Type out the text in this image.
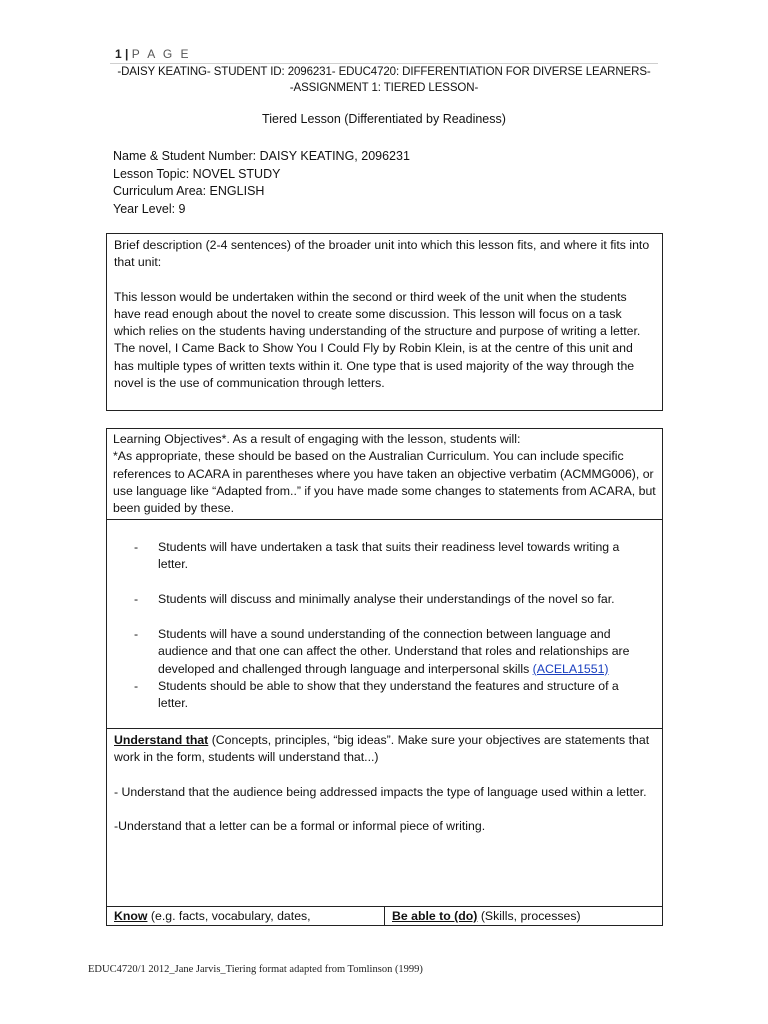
1 | P A G E
-DAISY KEATING- STUDENT ID: 2096231- EDUC4720: DIFFERENTIATION FOR DIVERSE LEARNERS-
-ASSIGNMENT 1: TIERED LESSON-
Tiered Lesson (Differentiated by Readiness)
Name & Student Number: DAISY KEATING, 2096231
Lesson Topic: NOVEL STUDY
Curriculum Area: ENGLISH
Year Level: 9

Brief description (2-4 sentences) of the broader unit into which this lesson fits, and where it fits into that unit:

This lesson would be undertaken within the second or third week of the unit when the students have read enough about the novel to create some discussion. This lesson will focus on a task which relies on the students having understanding of the structure and purpose of writing a letter. The novel, I Came Back to Show You I Could Fly by Robin Klein, is at the centre of this unit and has multiple types of written texts within it. One type that is used majority of the way through the novel is the use of communication through letters.

Learning Objectives*. As a result of engaging with the lesson, students will:

*As appropriate, these should be based on the Australian Curriculum. You can include specific references to ACARA in parentheses where you have taken an objective verbatim (ACMMG006), or use language like “Adapted from..” if you have made some changes to statements from ACARA, but been guided by these.

- Students will have undertaken a task that suits their readiness level towards writing a letter.
- Students will discuss and minimally analyse their understandings of the novel so far.
- Students will have a sound understanding of the connection between language and audience and that one can affect the other. Understand that roles and relationships are developed and challenged through language and interpersonal skills (ACELA1551)
- Students should be able to show that they understand the features and structure of a letter.

Understand that (Concepts, principles, “big ideas”. Make sure your objectives are statements that work in the form, students will understand that...)

- Understand that the audience being addressed impacts the type of language used within a letter.

-Understand that a letter can be a formal or informal piece of writing.

Know (e.g. facts, vocabulary, dates,	Be able to (do) (Skills, processes)
EDUC4720/1 2012_Jane Jarvis_Tiering format adapted from Tomlinson (1999)
